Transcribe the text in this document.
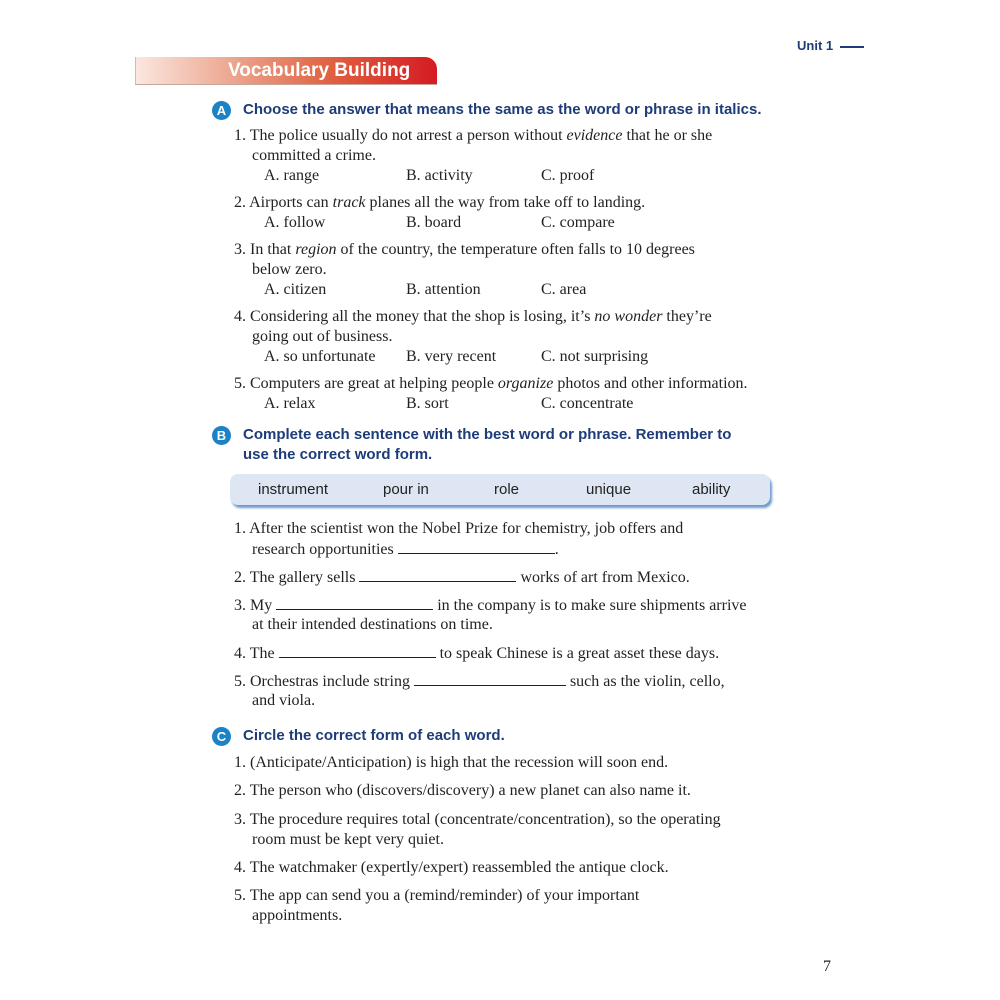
Unit 1
Vocabulary Building
A	Choose the answer that means the same as the word or phrase in italics.
1. The police usually do not arrest a person without evidence that he or she
committed a crime.
A. range	B. activity	C. proof
2. Airports can track planes all the way from take off to landing.
A. follow	B. board	C. compare
3. In that region of the country, the temperature often falls to 10 degrees
below zero.
A. citizen	B. attention	C. area
4. Considering all the money that the shop is losing, it’s no wonder they’re
going out of business.
A. so unfortunate B. very recent	C. not surprising
5. Computers are great at helping people organize photos and other information.
A. relax	B. sort	C. concentrate
B	Complete each sentence with the best word or phrase. Remember to
use the correct word form.
instrument	pour in	role	unique	ability
1. After the scientist won the Nobel Prize for chemistry, job offers and
research opportunities	.
2. The gallery sells	works of art from Mexico.
3. My	in the company is to make sure shipments arrive
at their intended destinations on time.
4. The	to speak Chinese is a great asset these days.
5. Orchestras include string	such as the violin, cello,
and viola.
C	Circle the correct form of each word.
1. (Anticipate/Anticipation) is high that the recession will soon end.
2. The person who (discovers/discovery) a new planet can also name it.
3. The procedure requires total (concentrate/concentration), so the operating
room must be kept very quiet.
4. The watchmaker (expertly/expert) reassembled the antique clock.
5. The app can send you a (remind/reminder) of your important
appointments.
7
